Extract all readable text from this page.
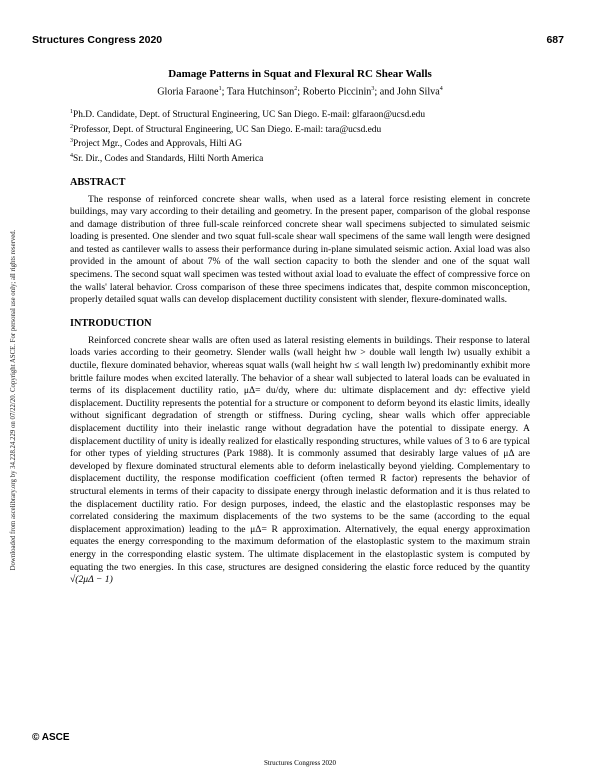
Structures Congress 2020	687
Downloaded from ascelibrary.org by 34.228.24.229 on 07/22/20. Copyright ASCE. For personal use only; all rights reserved.
Damage Patterns in Squat and Flexural RC Shear Walls
Gloria Faraone$^1$; Tara Hutchinson$^2$; Roberto Piccinin$^3$; and John Silva$^4$
$^1$Ph.D. Candidate, Dept. of Structural Engineering, UC San Diego. E-mail: glfaraon@ucsd.edu
$^2$Professor, Dept. of Structural Engineering, UC San Diego. E-mail: tara@ucsd.edu
$^3$Project Mgr., Codes and Approvals, Hilti AG
$^4$Sr. Dir., Codes and Standards, Hilti North America
ABSTRACT

The response of reinforced concrete shear walls, when used as a lateral force resisting element in concrete buildings, may vary according to their detailing and geometry. In the present paper, comparison of the global response and damage distribution of three full-scale reinforced concrete shear wall specimens subjected to simulated seismic loading is presented. One slender and two squat full-scale shear wall specimens of the same wall length were designed and tested as cantilever walls to assess their performance during in-plane simulated seismic action. Axial load was also provided in the amount of about 7% of the wall section capacity to both the slender and one of the squat wall specimens. The second squat wall specimen was tested without axial load to evaluate the effect of compressive force on the walls' lateral behavior. Cross comparison of these three specimens indicates that, despite common misconception, properly detailed squat walls can develop displacement ductility consistent with slender, flexure-dominated walls.

INTRODUCTION

Reinforced concrete shear walls are often used as lateral resisting elements in buildings. Their response to lateral loads varies according to their geometry. Slender walls (wall height hw > double wall length lw) usually exhibit a ductile, flexure dominated behavior, whereas squat walls (wall height hw ≤ wall length lw) predominantly exhibit more brittle failure modes when excited laterally. The behavior of a shear wall subjected to lateral loads can be evaluated in terms of its displacement ductility ratio, μΔ= du/dy, where du: ultimate displacement and dy: effective yield displacement. Ductility represents the potential for a structure or component to deform beyond its elastic limits, ideally without significant degradation of strength or stiffness. During cycling, shear walls which offer appreciable displacement ductility into their inelastic range without degradation have the potential to dissipate energy. A displacement ductility of unity is ideally realized for elastically responding structures, while values of 3 to 6 are typical for other types of yielding structures (Park 1988). It is commonly assumed that desirably large values of μΔ are developed by flexure dominated structural elements able to deform inelastically beyond yielding. Complementary to displacement ductility, the response modification coefficient (often termed R factor) represents the behavior of structural elements in terms of their capacity to dissipate energy through inelastic deformation and it is thus related to the displacement ductility ratio. For design purposes, indeed, the elastic and the elastoplastic responses may be correlated considering the maximum displacements of the two systems to be the same (according to the equal displacement approximation) leading to the μΔ= R approximation. Alternatively, the equal energy approximation equates the energy corresponding to the maximum deformation of the elastoplastic system to the maximum strain energy in the corresponding elastic system. The ultimate displacement in the elastoplastic system is computed by equating the two energies. In this case, structures are designed considering the elastic force reduced by the quantity √(2μΔ − 1)

© ASCE
Structures Congress 2020
